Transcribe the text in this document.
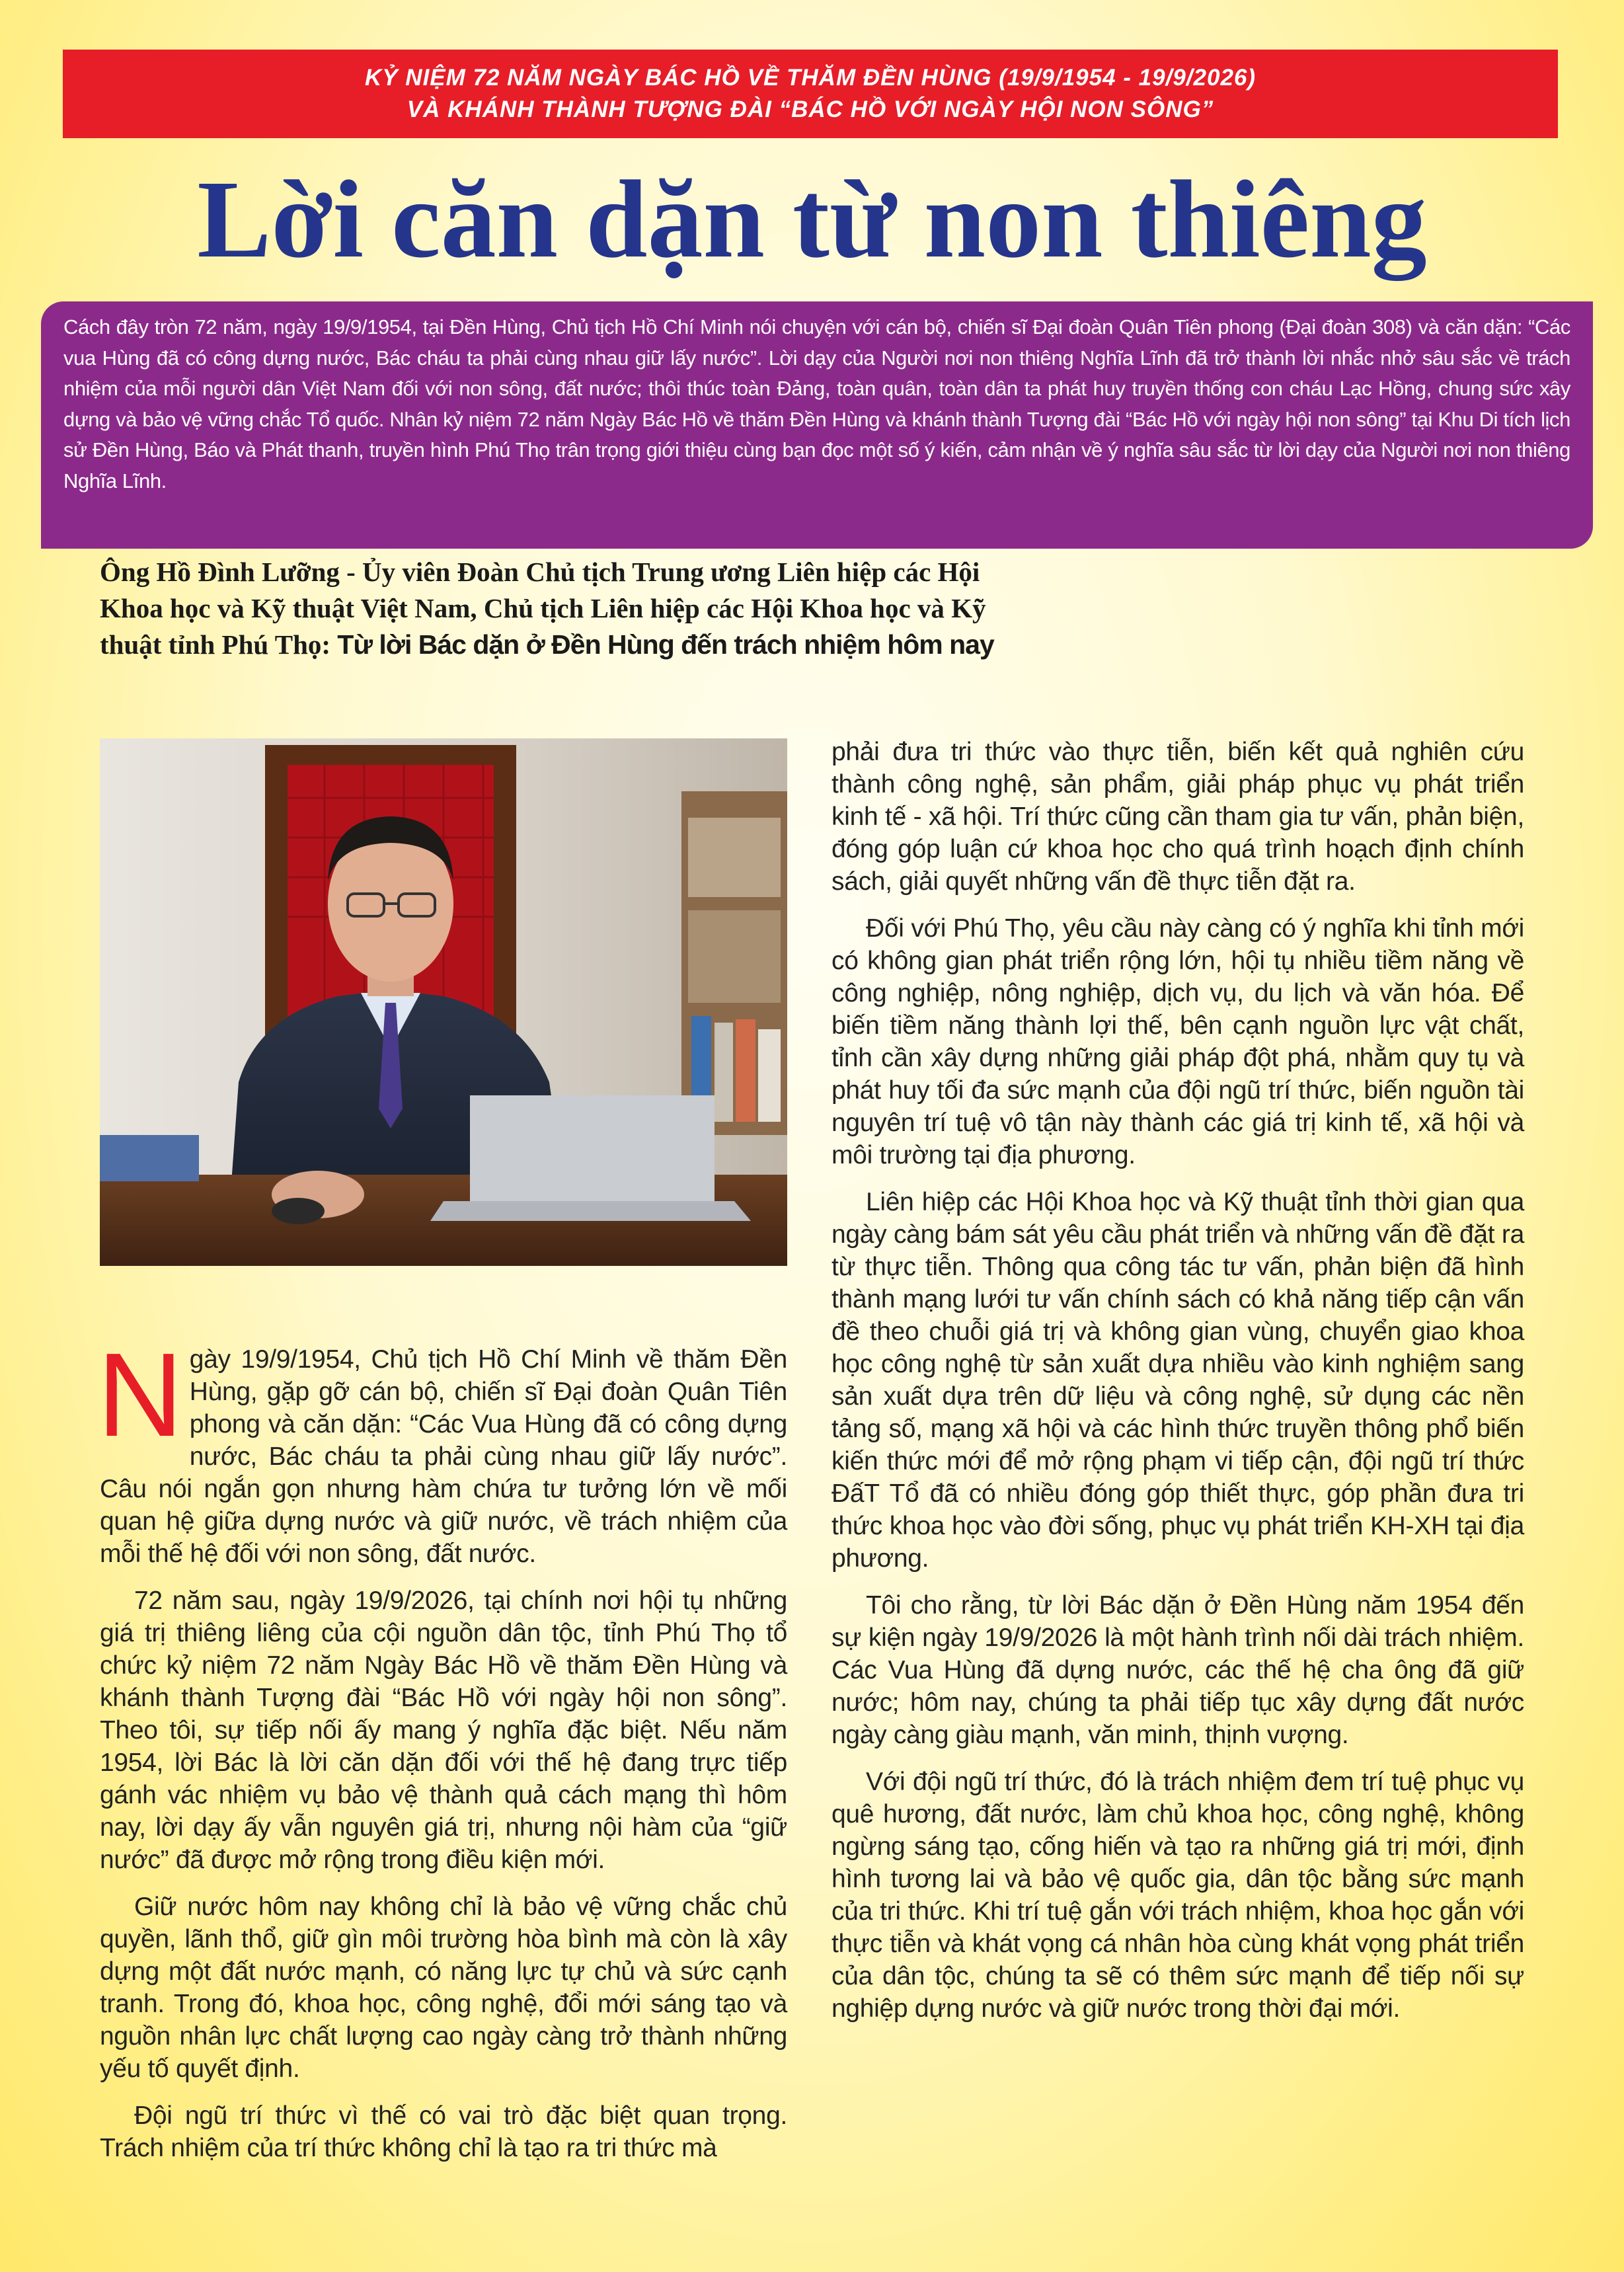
KỶ NIỆM 72 NĂM NGÀY BÁC HỒ VỀ THĂM ĐỀN HÙNG (19/9/1954 - 19/9/2026)
VÀ KHÁNH THÀNH TƯỢNG ĐÀI “BÁC HỒ VỚI NGÀY HỘI NON SÔNG”
Lời căn dặn từ non thiêng
Cách đây tròn 72 năm, ngày 19/9/1954, tại Đền Hùng, Chủ tịch Hồ Chí Minh nói chuyện với cán bộ, chiến sĩ Đại đoàn Quân Tiên phong (Đại đoàn 308) và căn dặn: “Các vua Hùng đã có công dựng nước, Bác cháu ta phải cùng nhau giữ lấy nước”. Lời dạy của Người nơi non thiêng Nghĩa Lĩnh đã trở thành lời nhắc nhở sâu sắc về trách nhiệm của mỗi người dân Việt Nam đối với non sông, đất nước; thôi thúc toàn Đảng, toàn quân, toàn dân ta phát huy truyền thống con cháu Lạc Hồng, chung sức xây dựng và bảo vệ vững chắc Tổ quốc. Nhân kỷ niệm 72 năm Ngày Bác Hồ về thăm Đền Hùng và khánh thành Tượng đài “Bác Hồ với ngày hội non sông” tại Khu Di tích lịch sử Đền Hùng, Báo và Phát thanh, truyền hình Phú Thọ trân trọng giới thiệu cùng bạn đọc một số ý kiến, cảm nhận về ý nghĩa sâu sắc từ lời dạy của Người nơi non thiêng Nghĩa Lĩnh.
Ông Hồ Đình Lưỡng - Ủy viên Đoàn Chủ tịch Trung ương Liên hiệp các Hội Khoa học và Kỹ thuật Việt Nam, Chủ tịch Liên hiệp các Hội Khoa học và Kỹ thuật tỉnh Phú Thọ: Từ lời Bác dặn ở Đền Hùng đến trách nhiệm hôm nay

Ngày 19/9/1954, Chủ tịch Hồ Chí Minh về thăm Đền Hùng, gặp gỡ cán bộ, chiến sĩ Đại đoàn Quân Tiên phong và căn dặn: “Các Vua Hùng đã có công dựng nước, Bác cháu ta phải cùng nhau giữ lấy nước”. Câu nói ngắn gọn nhưng hàm chứa tư tưởng lớn về mối quan hệ giữa dựng nước và giữ nước, về trách nhiệm của mỗi thế hệ đối với non sông, đất nước.

72 năm sau, ngày 19/9/2026, tại chính nơi hội tụ những giá trị thiêng liêng của cội nguồn dân tộc, tỉnh Phú Thọ tổ chức kỷ niệm 72 năm Ngày Bác Hồ về thăm Đền Hùng và khánh thành Tượng đài “Bác Hồ với ngày hội non sông”. Theo tôi, sự tiếp nối ấy mang ý nghĩa đặc biệt. Nếu năm 1954, lời Bác là lời căn dặn đối với thế hệ đang trực tiếp gánh vác nhiệm vụ bảo vệ thành quả cách mạng thì hôm nay, lời dạy ấy vẫn nguyên giá trị, nhưng nội hàm của “giữ nước” đã được mở rộng trong điều kiện mới.

Giữ nước hôm nay không chỉ là bảo vệ vững chắc chủ quyền, lãnh thổ, giữ gìn môi trường hòa bình mà còn là xây dựng một đất nước mạnh, có năng lực tự chủ và sức cạnh tranh. Trong đó, khoa học, công nghệ, đổi mới sáng tạo và nguồn nhân lực chất lượng cao ngày càng trở thành những yếu tố quyết định.

Đội ngũ trí thức vì thế có vai trò đặc biệt quan trọng. Trách nhiệm của trí thức không chỉ là tạo ra tri thức mà

phải đưa tri thức vào thực tiễn, biến kết quả nghiên cứu thành công nghệ, sản phẩm, giải pháp phục vụ phát triển kinh tế - xã hội. Trí thức cũng cần tham gia tư vấn, phản biện, đóng góp luận cứ khoa học cho quá trình hoạch định chính sách, giải quyết những vấn đề thực tiễn đặt ra.

Đối với Phú Thọ, yêu cầu này càng có ý nghĩa khi tỉnh mới có không gian phát triển rộng lớn, hội tụ nhiều tiềm năng về công nghiệp, nông nghiệp, dịch vụ, du lịch và văn hóa. Để biến tiềm năng thành lợi thế, bên cạnh nguồn lực vật chất, tỉnh cần xây dựng những giải pháp đột phá, nhằm quy tụ và phát huy tối đa sức mạnh của đội ngũ trí thức, biến nguồn tài nguyên trí tuệ vô tận này thành các giá trị kinh tế, xã hội và môi trường tại địa phương.

Liên hiệp các Hội Khoa học và Kỹ thuật tỉnh thời gian qua ngày càng bám sát yêu cầu phát triển và những vấn đề đặt ra từ thực tiễn. Thông qua công tác tư vấn, phản biện đã hình thành mạng lưới tư vấn chính sách có khả năng tiếp cận vấn đề theo chuỗi giá trị và không gian vùng, chuyển giao khoa học công nghệ từ sản xuất dựa nhiều vào kinh nghiệm sang sản xuất dựa trên dữ liệu và công nghệ, sử dụng các nền tảng số, mạng xã hội và các hình thức truyền thông phổ biến kiến thức mới để mở rộng phạm vi tiếp cận, đội ngũ trí thức ĐấT Tổ đã có nhiều đóng góp thiết thực, góp phần đưa tri thức khoa học vào đời sống, phục vụ phát triển KH-XH tại địa phương.

Tôi cho rằng, từ lời Bác dặn ở Đền Hùng năm 1954 đến sự kiện ngày 19/9/2026 là một hành trình nối dài trách nhiệm. Các Vua Hùng đã dựng nước, các thế hệ cha ông đã giữ nước; hôm nay, chúng ta phải tiếp tục xây dựng đất nước ngày càng giàu mạnh, văn minh, thịnh vượng.

Với đội ngũ trí thức, đó là trách nhiệm đem trí tuệ phục vụ quê hương, đất nước, làm chủ khoa học, công nghệ, không ngừng sáng tạo, cống hiến và tạo ra những giá trị mới, định hình tương lai và bảo vệ quốc gia, dân tộc bằng sức mạnh của tri thức. Khi trí tuệ gắn với trách nhiệm, khoa học gắn với thực tiễn và khát vọng cá nhân hòa cùng khát vọng phát triển của dân tộc, chúng ta sẽ có thêm sức mạnh để tiếp nối sự nghiệp dựng nước và giữ nước trong thời đại mới.
